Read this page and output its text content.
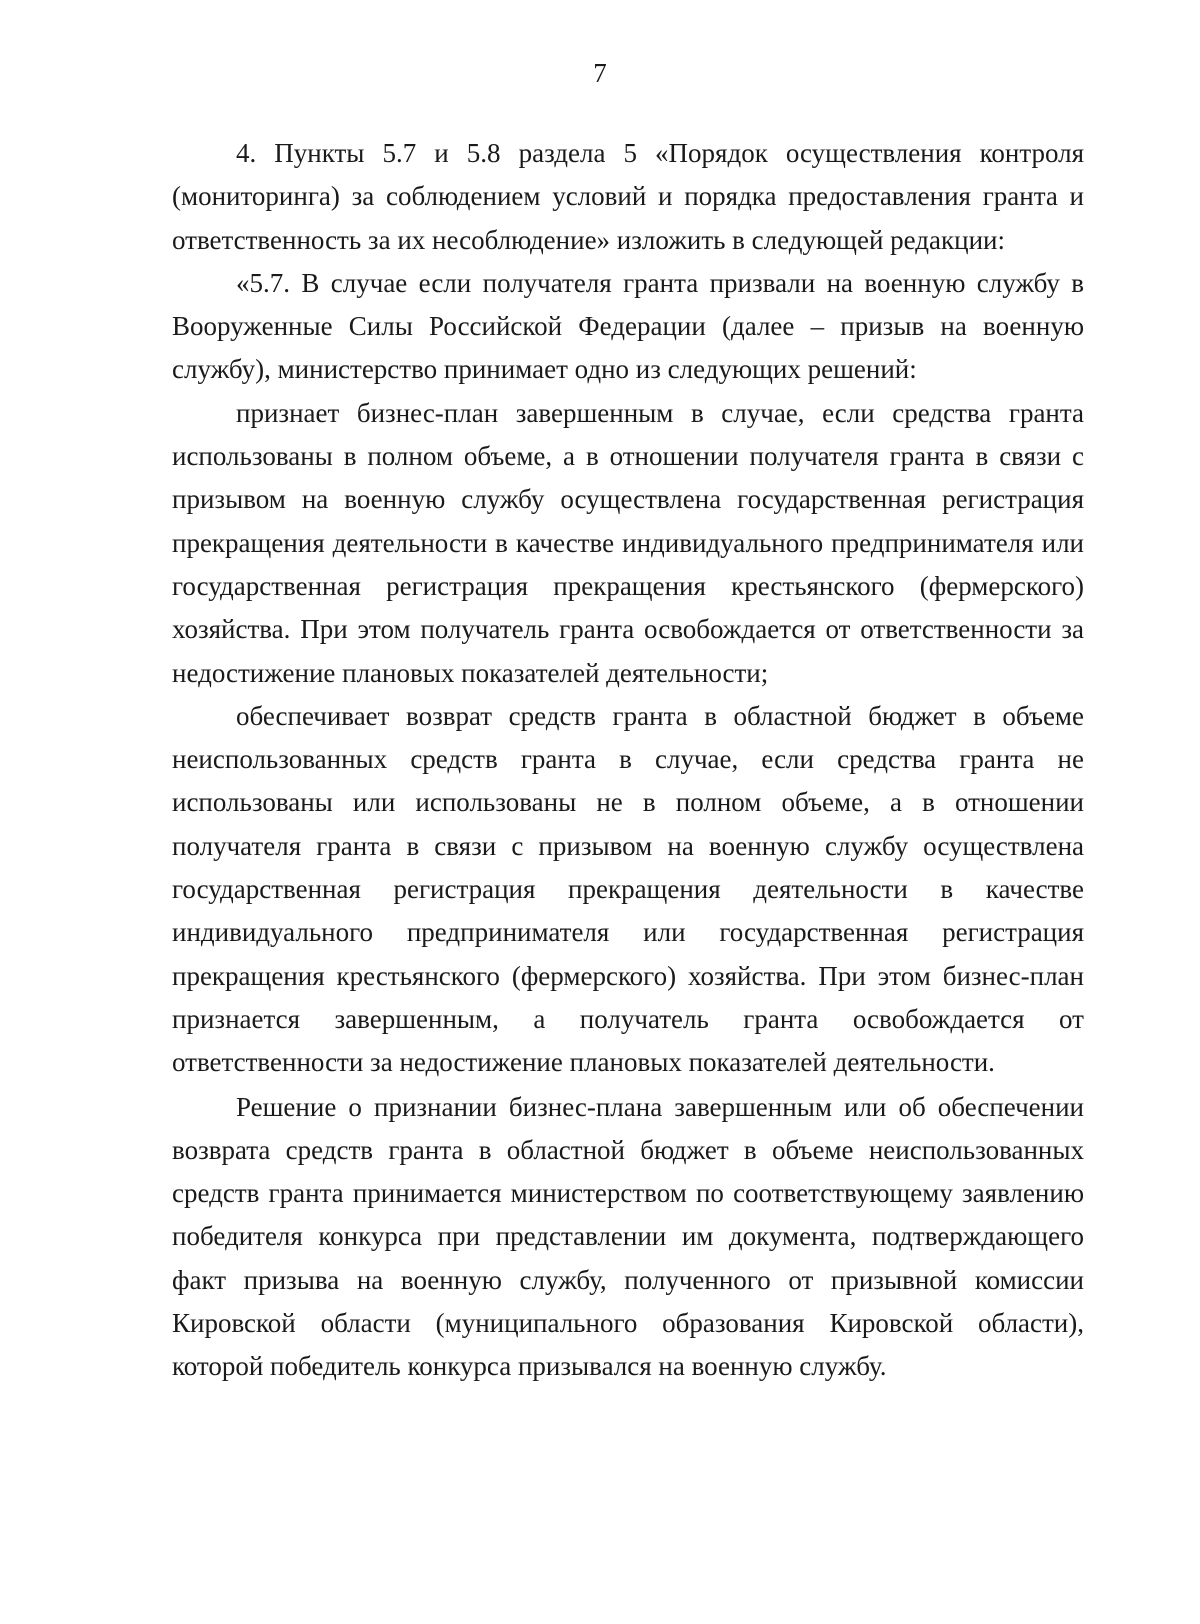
7

4. Пункты 5.7 и 5.8 раздела 5 «Порядок осуществления контроля (мониторинга) за соблюдением условий и порядка предоставления гранта и ответственность за их несоблюдение» изложить в следующей редакции:

«5.7. В случае если получателя гранта призвали на военную службу в Вооруженные Силы Российской Федерации (далее – призыв на военную службу), министерство принимает одно из следующих решений:

признает бизнес-план завершенным в случае, если средства гранта использованы в полном объеме, а в отношении получателя гранта в связи с призывом на военную службу осуществлена государственная регистрация прекращения деятельности в качестве индивидуального предпринимателя или государственная регистрация прекращения крестьянского (фермерского) хозяйства. При этом получатель гранта освобождается от ответственности за недостижение плановых показателей деятельности;

обеспечивает возврат средств гранта в областной бюджет в объеме неиспользованных средств гранта в случае, если средства гранта не использованы или использованы не в полном объеме, а в отношении получателя гранта в связи с призывом на военную службу осуществлена государственная регистрация прекращения деятельности в качестве индивидуального предпринимателя или государственная регистрация прекращения крестьянского (фермерского) хозяйства. При этом бизнес-план признается завершенным, а получатель гранта освобождается от ответственности за недостижение плановых показателей деятельности.

Решение о признании бизнес-плана завершенным или об обеспечении возврата средств гранта в областной бюджет в объеме неиспользованных средств гранта принимается министерством по соответствующему заявлению победителя конкурса при представлении им документа, подтверждающего факт призыва на военную службу, полученного от призывной комиссии Кировской области (муниципального образования Кировской области), которой победитель конкурса призывался на военную службу.
